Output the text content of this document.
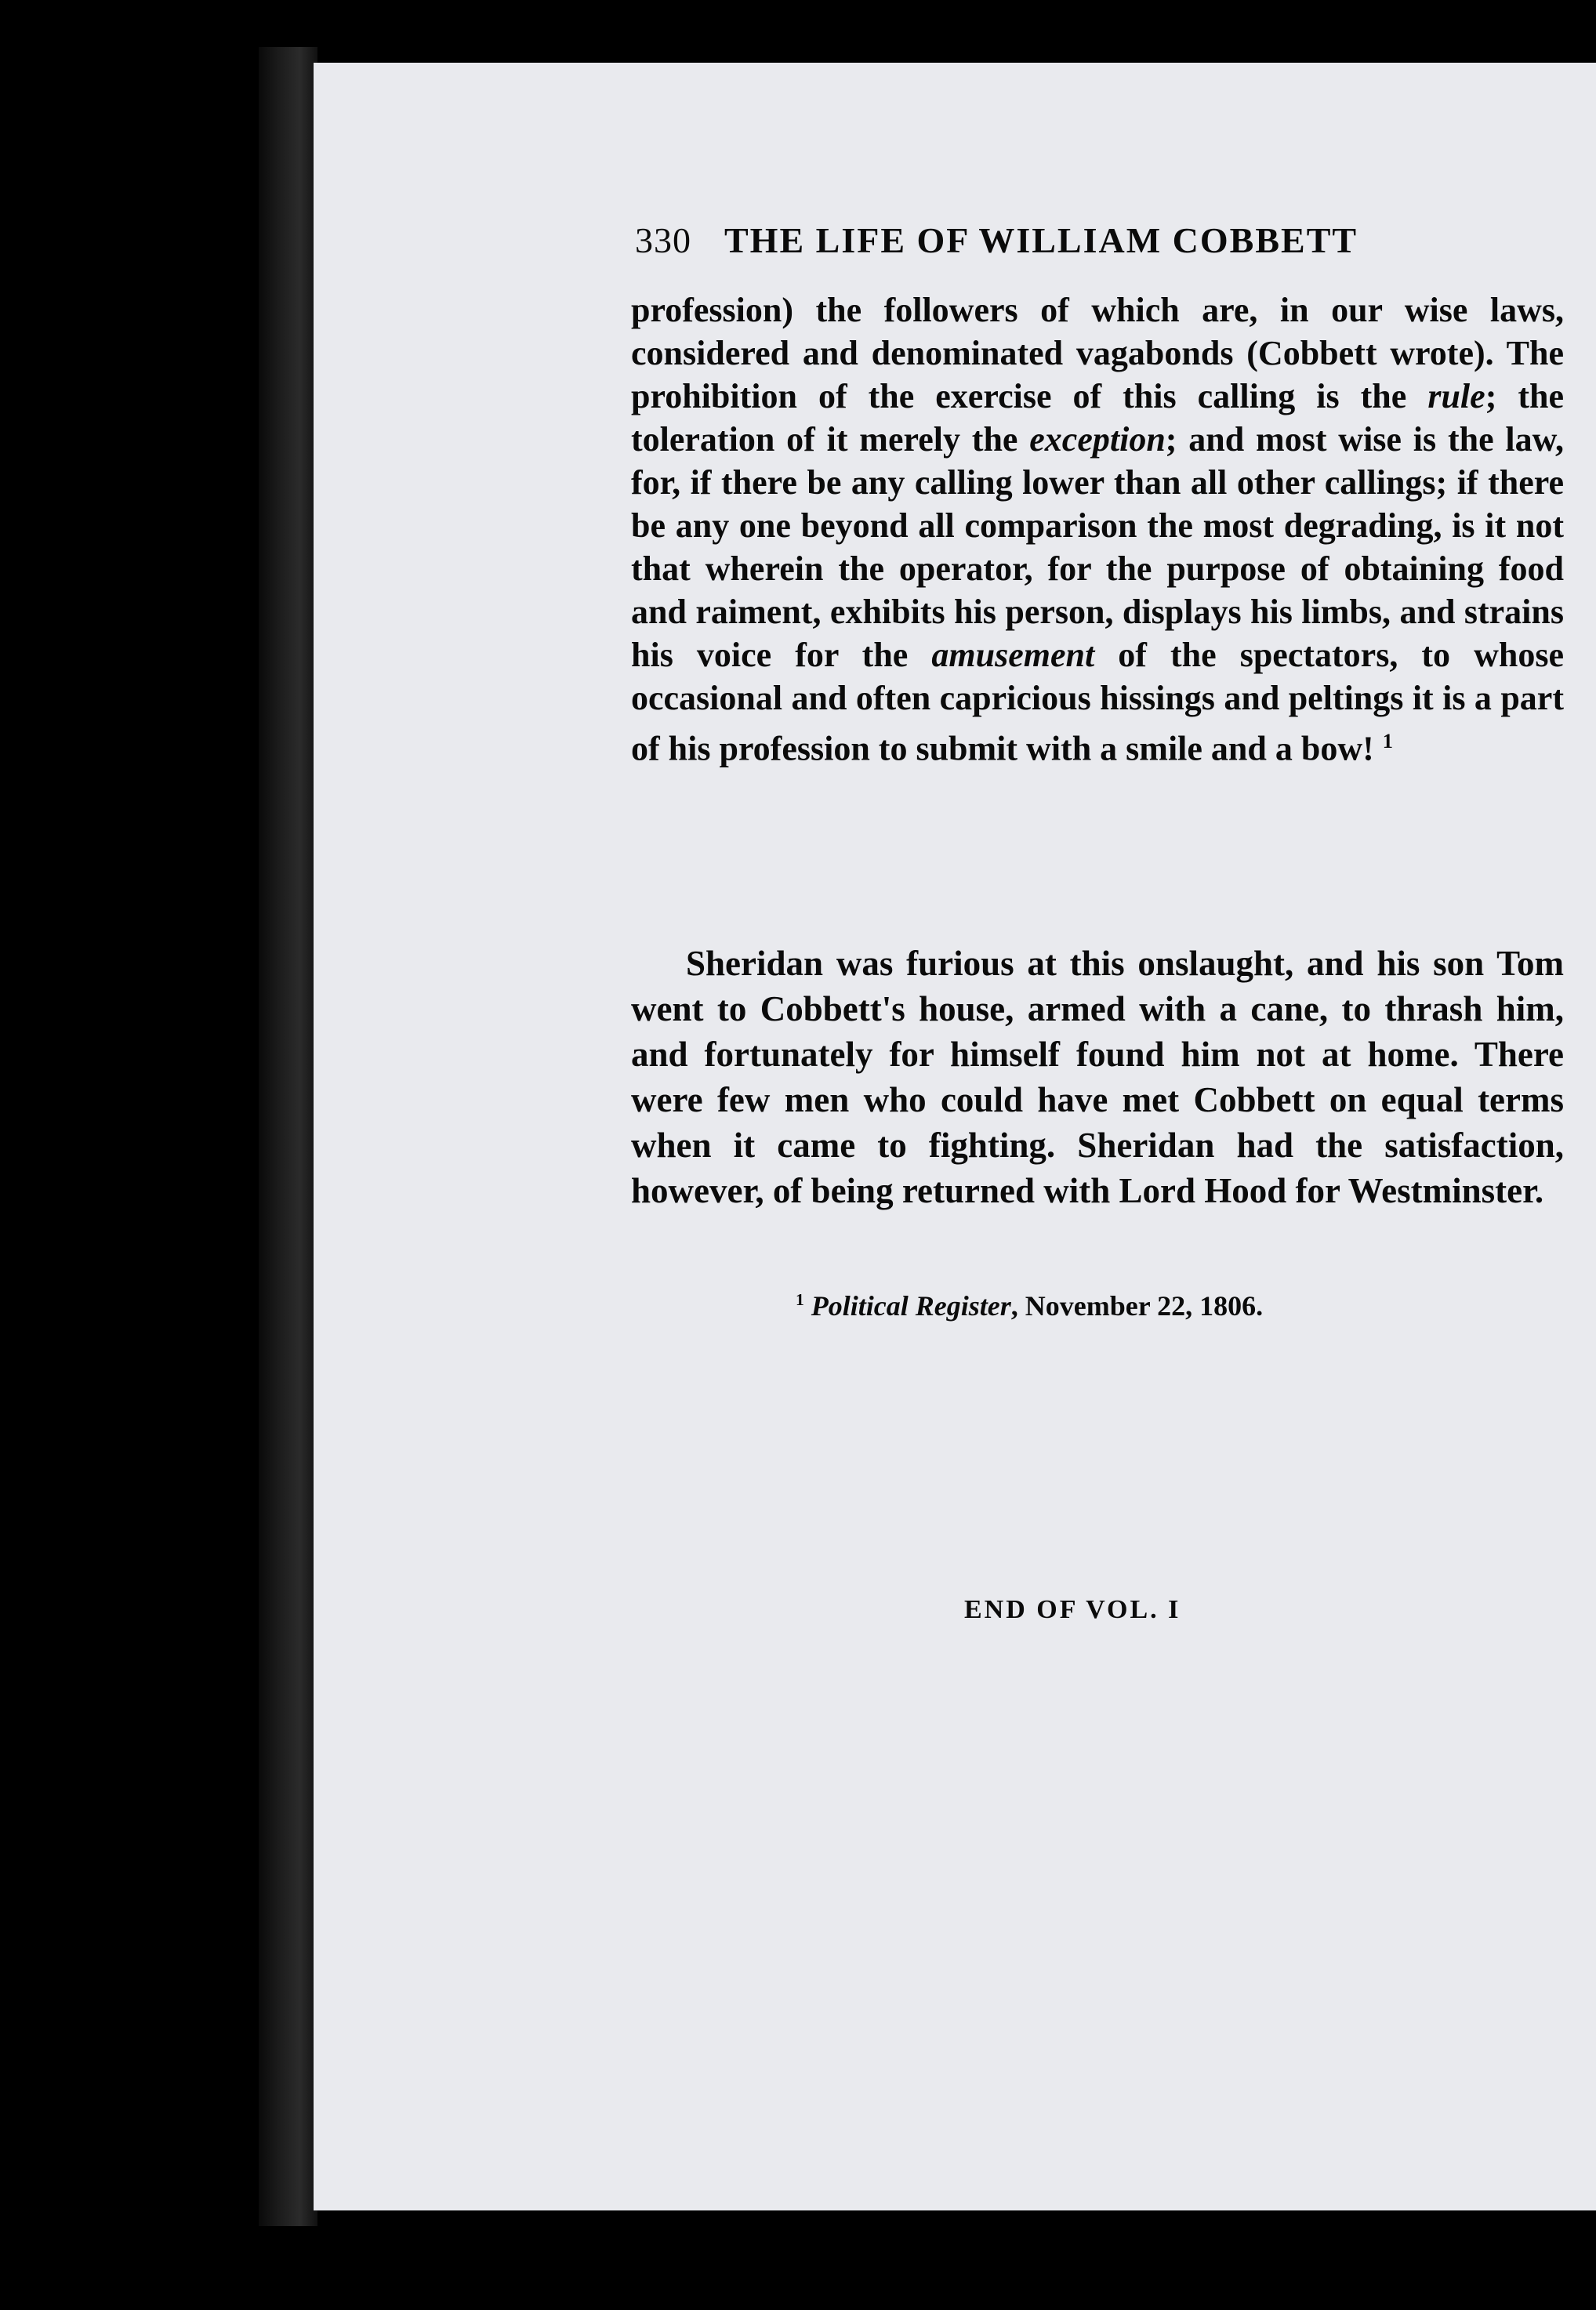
330 THE LIFE OF WILLIAM COBBETT
profession) the followers of which are, in our wise laws, considered and denominated vagabonds (Cobbett wrote). The prohibition of the exercise of this calling is the rule; the toleration of it merely the exception; and most wise is the law, for, if there be any calling lower than all other callings; if there be any one beyond all comparison the most degrading, is it not that wherein the operator, for the purpose of obtaining food and raiment, exhibits his person, displays his limbs, and strains his voice for the amusement of the spectators, to whose occasional and often capricious hissings and peltings it is a part of his profession to submit with a smile and a bow! $^1$
Sheridan was furious at this onslaught, and his son Tom went to Cobbett's house, armed with a cane, to thrash him, and fortunately for himself found him not at home. There were few men who could have met Cobbett on equal terms when it came to fighting. Sheridan had the satisfaction, however, of being returned with Lord Hood for Westminster.
$^1$ Political Register, November 22, 1806.
END OF VOL. I
